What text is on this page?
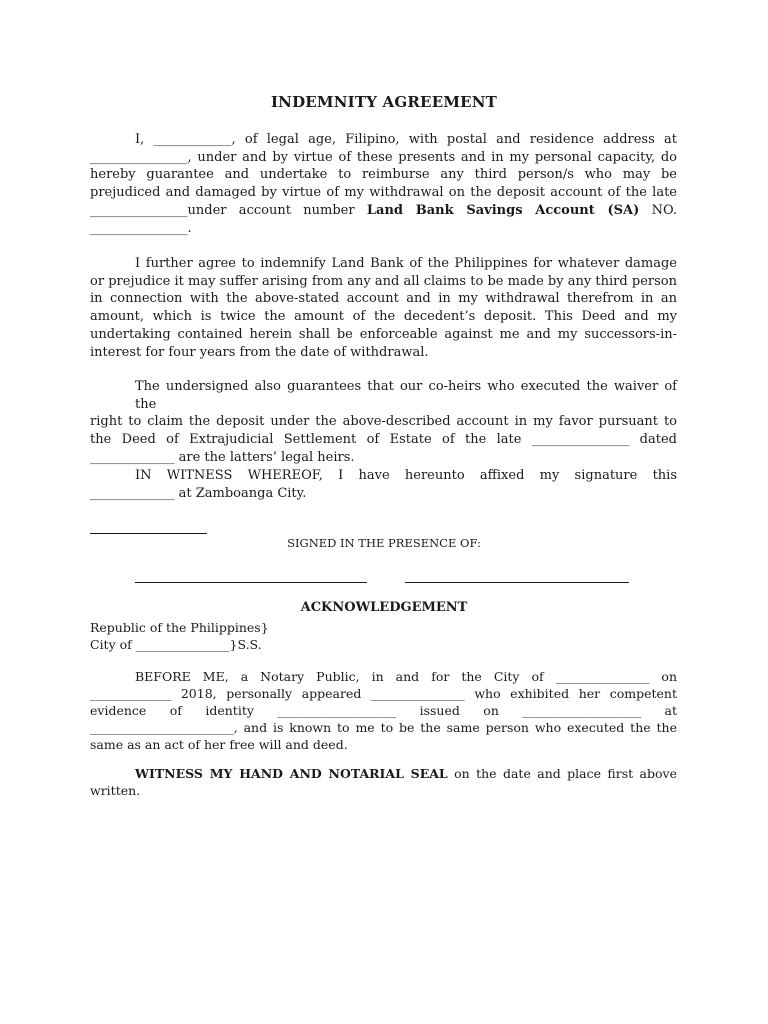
INDEMNITY AGREEMENT
I, ____________, of legal age, Filipino, with postal and residence address at
_______________, under and by virtue of these presents and in my personal capacity, do
hereby guarantee and undertake to reimburse any third person/s who may be
prejudiced and damaged by virtue of my withdrawal on the deposit account of the late
_______________under account number Land Bank Savings Account (SA) NO.
_______________.
I further agree to indemnify Land Bank of the Philippines for whatever damage
or prejudice it may suffer arising from any and all claims to be made by any third person
in connection with the above-stated account and in my withdrawal therefrom in an
amount, which is twice the amount of the decedent’s deposit. This Deed and my
undertaking contained herein shall be enforceable against me and my successors-in-
interest for four years from the date of withdrawal.
The undersigned also guarantees that our co-heirs who executed the waiver of the
right to claim the deposit under the above-described account in my favor pursuant to
the Deed of Extrajudicial Settlement of Estate of the late _______________ dated
_____________ are the latters’ legal heirs.
IN WITNESS WHEREOF, I have hereunto affixed my signature this
_____________ at Zamboanga City.
SIGNED IN THE PRESENCE OF:
ACKNOWLEDGEMENT
Republic of the Philippines}
City of _______________}S.S.
BEFORE ME, a Notary Public, in and for the City of _______________ on
_____________ 2018, personally appeared _______________ who exhibited her competent
evidence of identity ___________________ issued on ___________________ at
_______________________, and is known to me to be the same person who executed the the
same as an act of her free will and deed.
WITNESS MY HAND AND NOTARIAL SEAL on the date and place first above
written.
